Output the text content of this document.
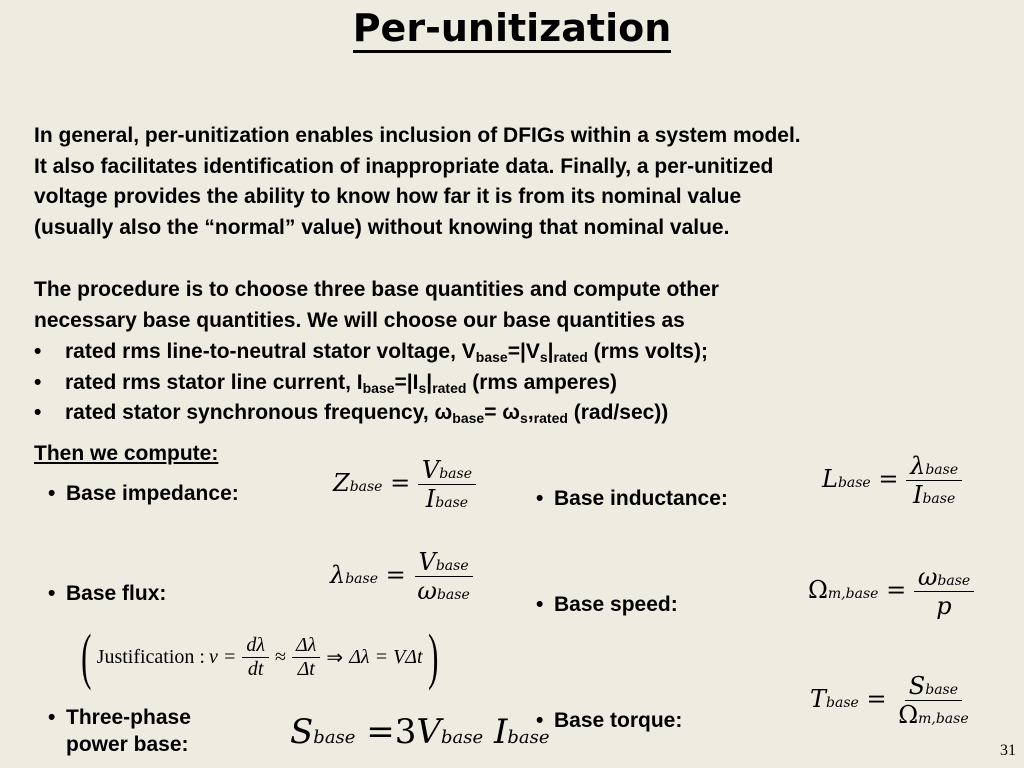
Per-unitization
In general, per-unitization enables inclusion of DFIGs within a system model.
It also facilitates identification of inappropriate data. Finally, a per-unitized
voltage provides the ability to know how far it is from its nominal value
(usually also the “normal” value) without knowing that nominal value.
The procedure is to choose three base quantities and compute other
necessary base quantities. We will choose our base quantities as
•	rated rms line-to-neutral stator voltage, $V_{base}=|V_s|_{rated}$ (rms volts);
•	rated rms stator line current, $I_{base}=|I_s|_{rated}$ (rms amperes)
•	rated stator synchronous frequency, $\omega_{base}= \omega_s,_{rated}$ (rad/sec))
Then we compute:
• Base impedance:
• Base flux:
• Three-phase
power base:
• Base inductance:
• Base speed:
• Base torque:
Zbase = $\frac{\text{Vbase}}{\text{Ibase}}$	Lbase = $\frac{\text{λbase}}{\text{Ibase}}$
λbase = $\frac{\text{Vbase}}{\text{ωbase}}$	Ωm,base = $\frac{\text{ωbase}}{p}$
( Justification : $v = \frac{d\lambda}{dt} \approx \frac{\Delta\lambda}{\Delta t}$ ⇒ Δλ = VΔt )
Sbase =3Vbase Ibase
Tbase = $\frac{\text{Sbase}}{\text{Ωm,base}}$
31
